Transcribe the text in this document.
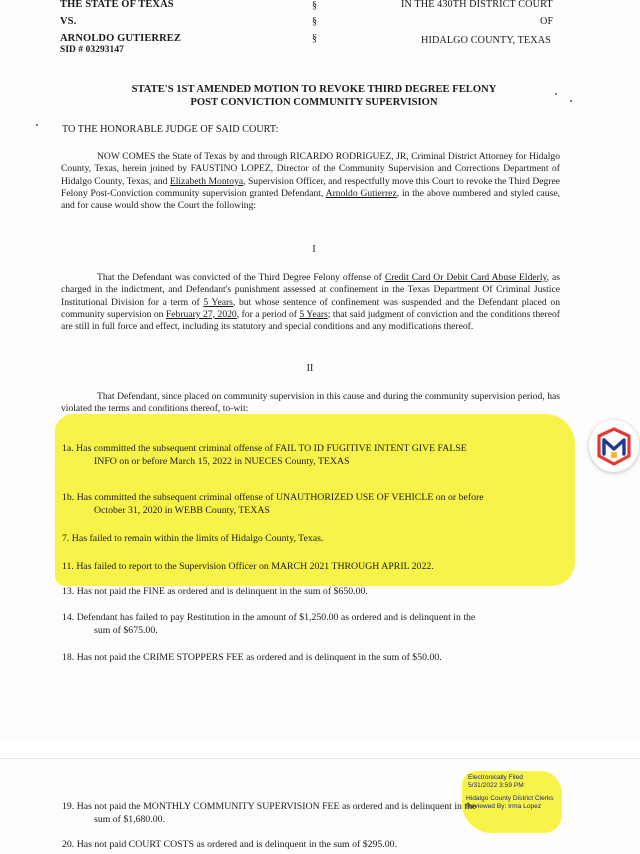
THE STATE OF TEXAS
VS.
ARNOLDO GUTIERREZ
SID # 03293147
§
§
§
IN THE 430TH DISTRICT COURT
OF
HIDALGO COUNTY, TEXAS
STATE'S 1ST AMENDED MOTION TO REVOKE THIRD DEGREE FELONY
POST CONVICTION COMMUNITY SUPERVISION
TO THE HONORABLE JUDGE OF SAID COURT:
NOW COMES the State of Texas by and through RICARDO RODRIGUEZ, JR, Criminal District Attorney for Hidalgo County, Texas, herein joined by FAUSTINO LOPEZ, Director of the Community Supervision and Corrections Department of Hidalgo County, Texas, and Elizabeth Montoya, Supervision Officer, and respectfully move this Court to revoke the Third Degree Felony Post-Conviction community supervision granted Defendant, Arnoldo Gutierrez, in the above numbered and styled cause, and for cause would show the Court the following:
I
That the Defendant was convicted of the Third Degree Felony offense of Credit Card Or Debit Card Abuse Elderly, as charged in the indictment, and Defendant's punishment assessed at confinement in the Texas Department Of Criminal Justice Institutional Division for a term of 5 Years, but whose sentence of confinement was suspended and the Defendant placed on community supervision on February 27, 2020, for a period of 5 Years; that said judgment of conviction and the conditions thereof are still in full force and effect, including its statutory and special conditions and any modifications thereof.
II
That Defendant, since placed on community supervision in this cause and during the community supervision period, has violated the terms and conditions thereof, to-wit:
1a. Has committed the subsequent criminal offense of FAIL TO ID FUGITIVE INTENT GIVE FALSE
INFO on or before March 15, 2022 in NUECES County, TEXAS
1b. Has committed the subsequent criminal offense of UNAUTHORIZED USE OF VEHICLE on or before
October 31, 2020 in WEBB County, TEXAS
7. Has failed to remain within the limits of Hidalgo County, Texas.
11. Has failed to report to the Supervision Officer on MARCH 2021 THROUGH APRIL 2022.
13. Has not paid the FINE as ordered and is delinquent in the sum of $650.00.
14. Defendant has failed to pay Restitution in the amount of $1,250.00 as ordered and is delinquent in the
sum of $675.00.
18. Has not paid the CRIME STOPPERS FEE as ordered and is delinquent in the sum of $50.00.
Electronically Filed
5/31/2022 3:59 PM
Hidalgo County District Clerks
Reviewed By: Irma Lopez
19. Has not paid the MONTHLY COMMUNITY SUPERVISION FEE as ordered and is delinquent in the
sum of $1,680.00.
20. Has not paid COURT COSTS as ordered and is delinquent in the sum of $295.00.
